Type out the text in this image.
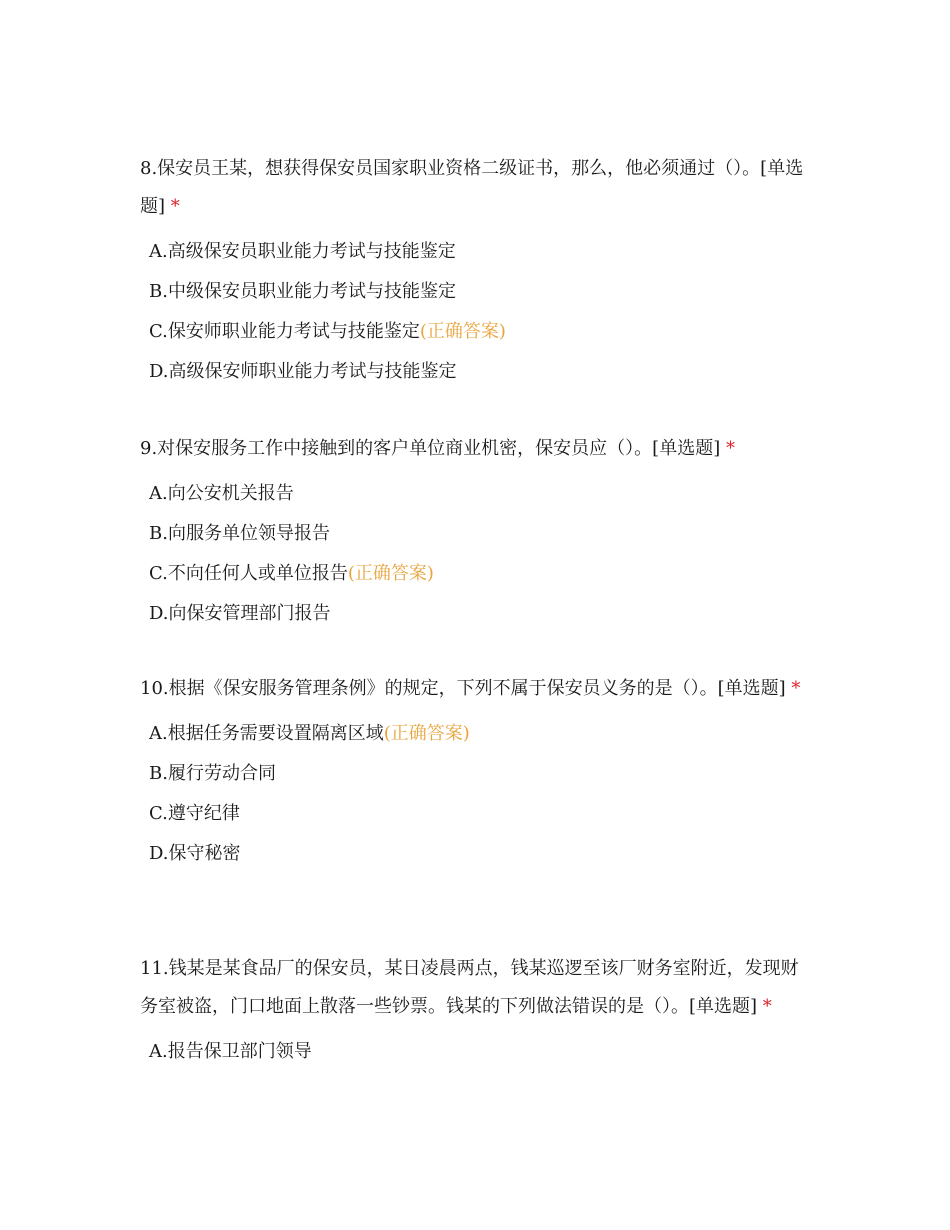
8.保安员王某，想获得保安员国家职业资格二级证书，那么，他必须通过（）。[单选题] *

A.高级保安员职业能力考试与技能鉴定
B.中级保安员职业能力考试与技能鉴定
C.保安师职业能力考试与技能鉴定(正确答案)
D.高级保安师职业能力考试与技能鉴定

9.对保安服务工作中接触到的客户单位商业机密，保安员应（）。[单选题] *

A.向公安机关报告
B.向服务单位领导报告
C.不向任何人或单位报告(正确答案)
D.向保安管理部门报告

10.根据《保安服务管理条例》的规定，下列不属于保安员义务的是（）。[单选题] *

A.根据任务需要设置隔离区域(正确答案)
B.履行劳动合同
C.遵守纪律
D.保守秘密

11.钱某是某食品厂的保安员，某日凌晨两点，钱某巡逻至该厂财务室附近，发现财务室被盗，门口地面上散落一些钞票。钱某的下列做法错误的是（）。[单选题] *

A.报告保卫部门领导
